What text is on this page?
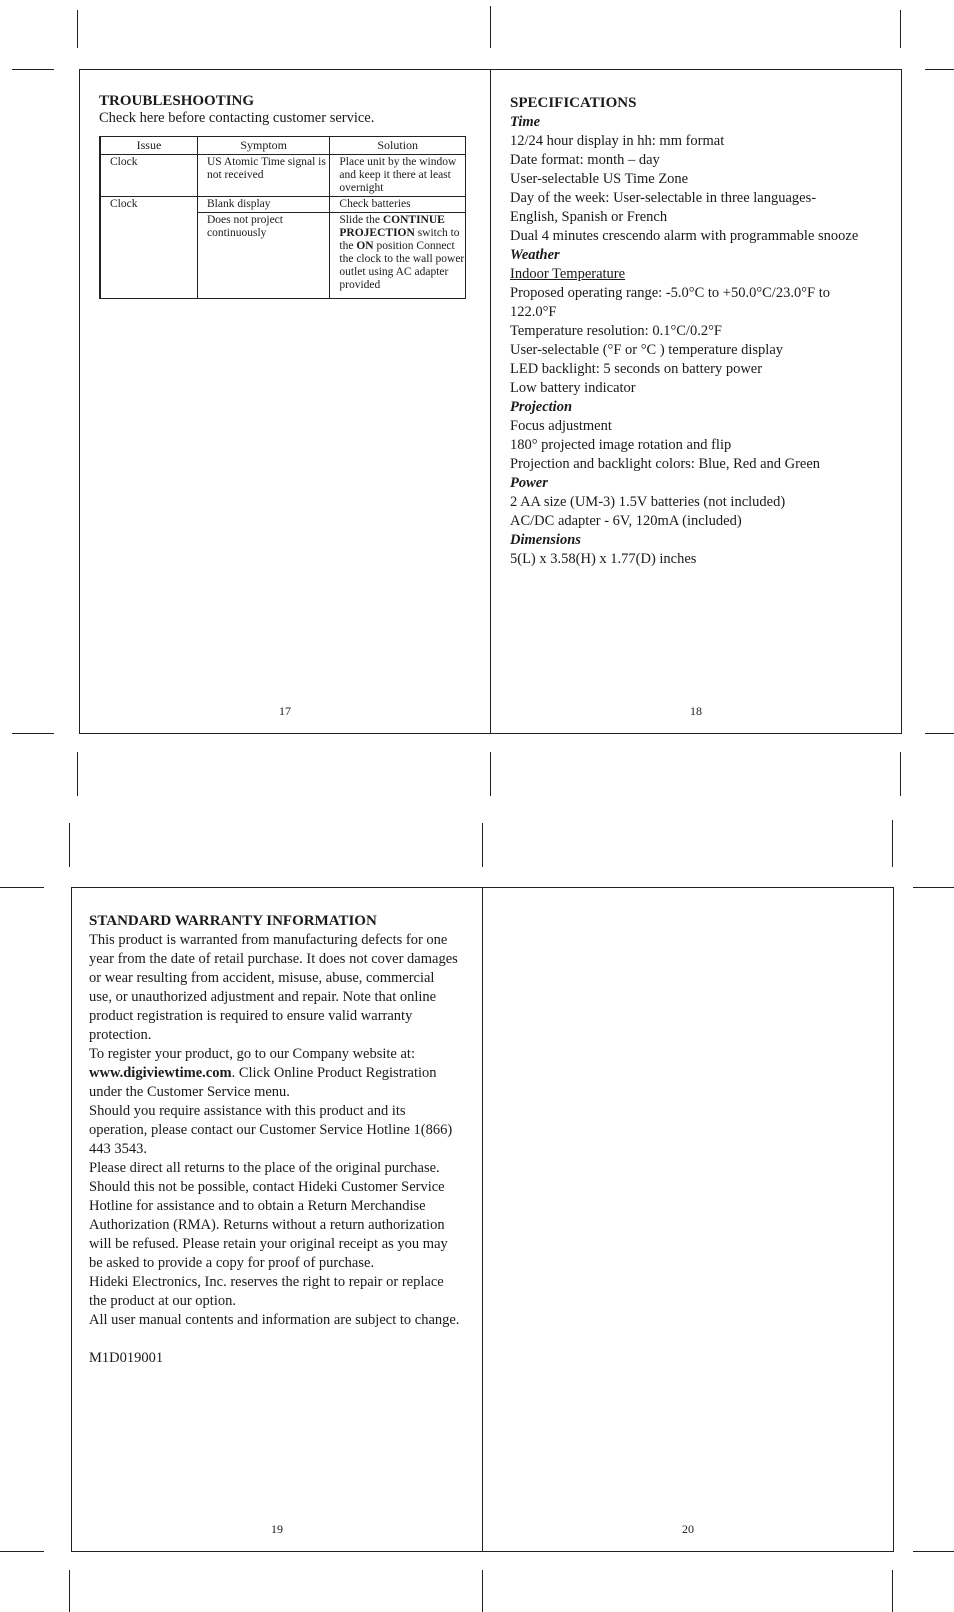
TROUBLESHOOTING
Check here before contacting customer service.
Issue	Symptom	Solution
Clock	US Atomic Time signal is not received	Place unit by the window and keep it there at least overnight
Clock	Blank display	Check batteries
	Does not project continuously	Slide the CONTINUE PROJECTION switch to the ON position Connect the clock to the wall power outlet using AC adapter provided
17
SPECIFICATIONS
Time
12/24 hour display in hh: mm format
Date format: month – day
User-selectable US Time Zone
Day of the week: User-selectable in three languages-
English, Spanish or French
Dual 4 minutes crescendo alarm with programmable snooze
Weather
Indoor Temperature
Proposed operating range: -5.0°C to +50.0°C/23.0°F to
122.0°F
Temperature resolution: 0.1°C/0.2°F
User-selectable (°F or °C ) temperature display
LED backlight: 5 seconds on battery power
Low battery indicator
Projection
Focus adjustment
180° projected image rotation and flip
Projection and backlight colors: Blue, Red and Green
Power
2 AA size (UM-3) 1.5V batteries (not included)
AC/DC adapter - 6V, 120mA (included)
Dimensions
5(L) x 3.58(H) x 1.77(D) inches
18
STANDARD WARRANTY INFORMATION

This product is warranted from manufacturing defects for one year from the date of retail purchase. It does not cover damages or wear resulting from accident, misuse, abuse, commercial use, or unauthorized adjustment and repair. Note that online product registration is required to ensure valid warranty protection.

To register your product, go to our Company website at: www.digiviewtime.com. Click Online Product Registration under the Customer Service menu.

Should you require assistance with this product and its operation, please contact our Customer Service Hotline 1(866) 443 3543.

Please direct all returns to the place of the original purchase. Should this not be possible, contact Hideki Customer Service Hotline for assistance and to obtain a Return Merchandise Authorization (RMA). Returns without a return authorization will be refused. Please retain your original receipt as you may be asked to provide a copy for proof of purchase.

Hideki Electronics, Inc. reserves the right to repair or replace the product at our option.

All user manual contents and information are subject to change.

M1D019001

19	20
